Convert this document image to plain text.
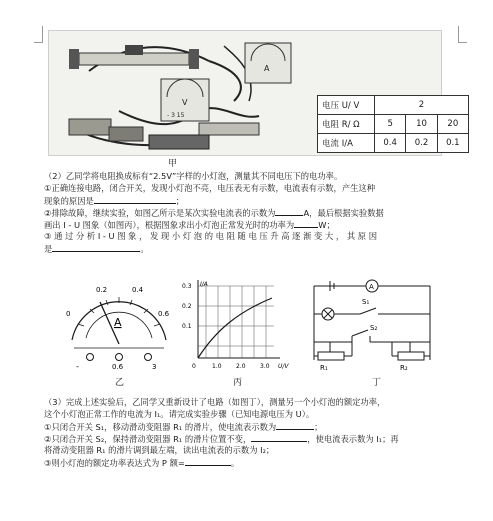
V
- 3 15
A
电压 U/ V	2		
电阻 R/ Ω	5	10	20
电流 I/A	0.4	0.2	0.1
甲
（2）乙同学将电阻换成标有“2.5V”字样的小灯泡，测量其不同电压下的电功率。
①正确连接电路，闭合开关，发现小灯泡不亮，电压表无有示数，电流表有示数，产生这种
现象的原因是	；
②排除故障，继续实验，如图乙所示是某次实验电流表的示数为	A，最后根据实验数据
画出 I - U 图象（如图丙），根据图象求出小灯泡正常发光时的功率为	W；
③ 通 过 分 析 I - U 图 象 ， 发 现 小 灯 泡 的 电 阻 随 电 压 升 高 逐 渐 变 大 ， 其 原 因
是	。
0
0.2	0.4
0.6
A
-	0.6	3
I/A
U/V
0.3
0.2
0.1
0	1.0 2.0 3.0
A
S₁
S₂
R₁	R₂
乙	丙	丁
（3）完成上述实验后，乙同学又重新设计了电路（如图丁），测量另一个小灯泡的额定功率，
这个小灯泡正常工作的电流为 I₁。请完成实验步骤（已知电源电压为 U）。
①只闭合开关 S₁，移动滑动变阻器 R₁ 的滑片，使电流表示数为	；
②只闭合开关 S₂，保持滑动变阻器 R₁ 的滑片位置不变，	，使电流表示数为 I₁；再
将滑动变阻器 R₁ 的滑片调到最左端，读出电流表的示数为 I₂；
③则小灯泡的额定功率表达式为 P 额=	。
